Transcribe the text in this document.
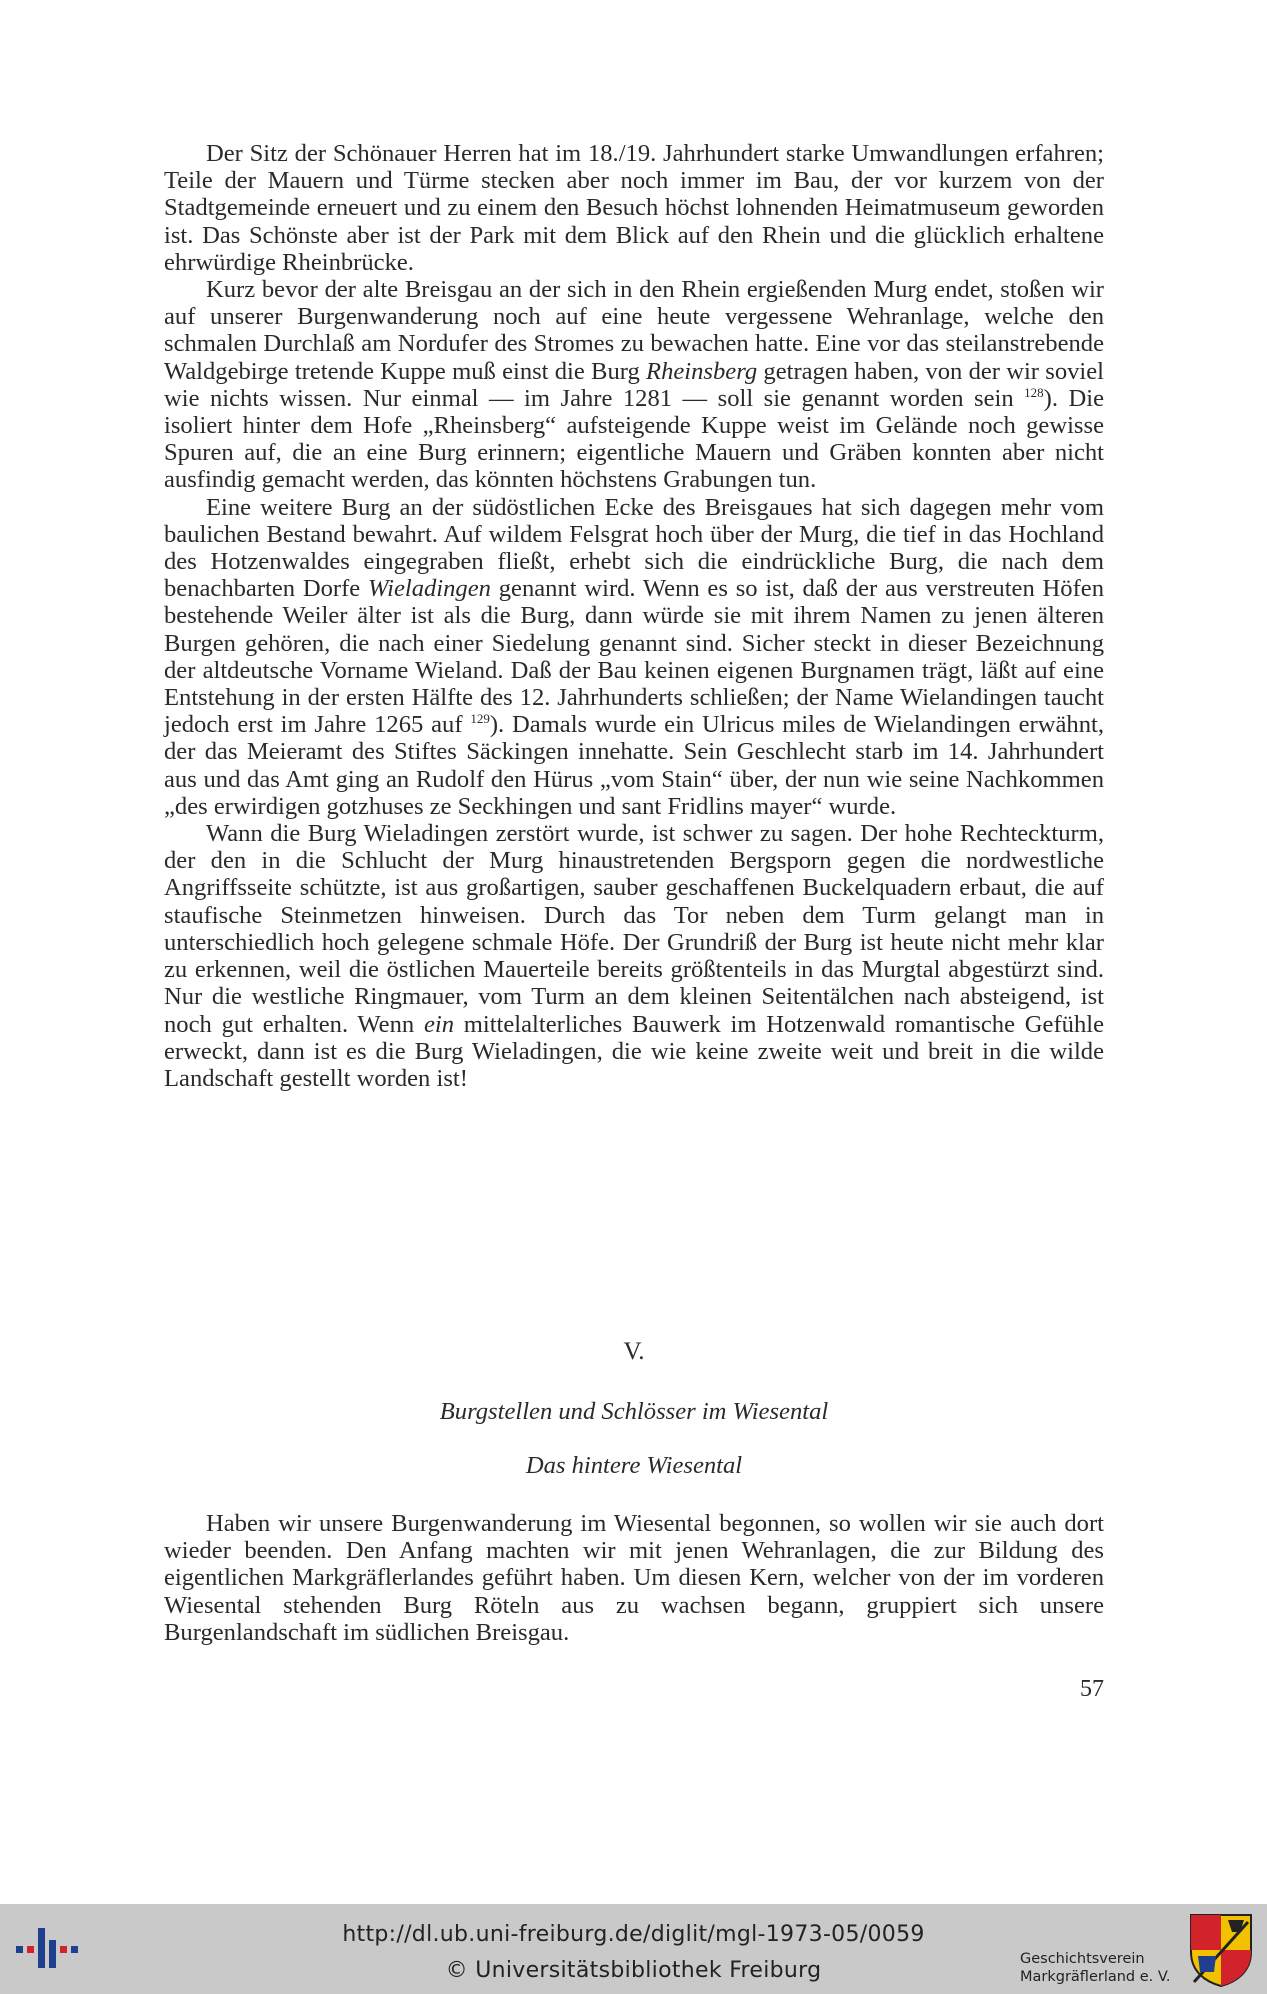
Der Sitz der Schönauer Herren hat im 18./19. Jahrhundert starke Umwandlungen erfahren; Teile der Mauern und Türme stecken aber noch immer im Bau, der vor kurzem von der Stadtgemeinde erneuert und zu einem den Besuch höchst lohnenden Heimatmuseum geworden ist. Das Schönste aber ist der Park mit dem Blick auf den Rhein und die glücklich erhaltene ehrwürdige Rheinbrücke.

Kurz bevor der alte Breisgau an der sich in den Rhein ergießenden Murg endet, stoßen wir auf unserer Burgenwanderung noch auf eine heute vergessene Wehranlage, welche den schmalen Durchlaß am Nordufer des Stromes zu bewachen hatte. Eine vor das steilanstrebende Waldgebirge tretende Kuppe muß einst die Burg Rheinsberg getragen haben, von der wir soviel wie nichts wissen. Nur einmal — im Jahre 1281 — soll sie genannt worden sein $^{128}$). Die isoliert hinter dem Hofe „Rheinsberg“ aufsteigende Kuppe weist im Gelände noch gewisse Spuren auf, die an eine Burg erinnern; eigentliche Mauern und Gräben konnten aber nicht ausfindig gemacht werden, das könnten höchstens Grabungen tun.

Eine weitere Burg an der südöstlichen Ecke des Breisgaues hat sich dagegen mehr vom baulichen Bestand bewahrt. Auf wildem Felsgrat hoch über der Murg, die tief in das Hochland des Hotzenwaldes eingegraben fließt, erhebt sich die eindrückliche Burg, die nach dem benachbarten Dorfe Wieladingen genannt wird. Wenn es so ist, daß der aus verstreuten Höfen bestehende Weiler älter ist als die Burg, dann würde sie mit ihrem Namen zu jenen älteren Burgen gehören, die nach einer Siedelung genannt sind. Sicher steckt in dieser Bezeichnung der altdeutsche Vorname Wieland. Daß der Bau keinen eigenen Burgnamen trägt, läßt auf eine Entstehung in der ersten Hälfte des 12. Jahrhunderts schließen; der Name Wielandingen taucht jedoch erst im Jahre 1265 auf $^{129}$). Damals wurde ein Ulricus miles de Wielandingen erwähnt, der das Meieramt des Stiftes Säckingen innehatte. Sein Geschlecht starb im 14. Jahrhundert aus und das Amt ging an Rudolf den Hürus „vom Stain“ über, der nun wie seine Nachkommen „des erwirdigen gotzhuses ze Seckhingen und sant Fridlins mayer“ wurde.

Wann die Burg Wieladingen zerstört wurde, ist schwer zu sagen. Der hohe Rechteckturm, der den in die Schlucht der Murg hinaustretenden Bergsporn gegen die nordwestliche Angriffsseite schützte, ist aus großartigen, sauber geschaffenen Buckelquadern erbaut, die auf staufische Steinmetzen hinweisen. Durch das Tor neben dem Turm gelangt man in unterschiedlich hoch gelegene schmale Höfe. Der Grundriß der Burg ist heute nicht mehr klar zu erkennen, weil die östlichen Mauerteile bereits größtenteils in das Murgtal abgestürzt sind. Nur die westliche Ringmauer, vom Turm an dem kleinen Seitentälchen nach absteigend, ist noch gut erhalten. Wenn ein mittelalterliches Bauwerk im Hotzenwald romantische Gefühle erweckt, dann ist es die Burg Wieladingen, die wie keine zweite weit und breit in die wilde Landschaft gestellt worden ist!

V.
Burgstellen und Schlösser im Wiesental
Das hintere Wiesental

Haben wir unsere Burgenwanderung im Wiesental begonnen, so wollen wir sie auch dort wieder beenden. Den Anfang machten wir mit jenen Wehranlagen, die zur Bildung des eigentlichen Markgräflerlandes geführt haben. Um diesen Kern, welcher von der im vorderen Wiesental stehenden Burg Röteln aus zu wachsen begann, gruppiert sich unsere Burgenlandschaft im südlichen Breisgau.

57
http://dl.ub.uni-freiburg.de/diglit/mgl-1973-05/0059
© Universitätsbibliothek Freiburg	Geschichtsverein
Markgräflerland e. V.
